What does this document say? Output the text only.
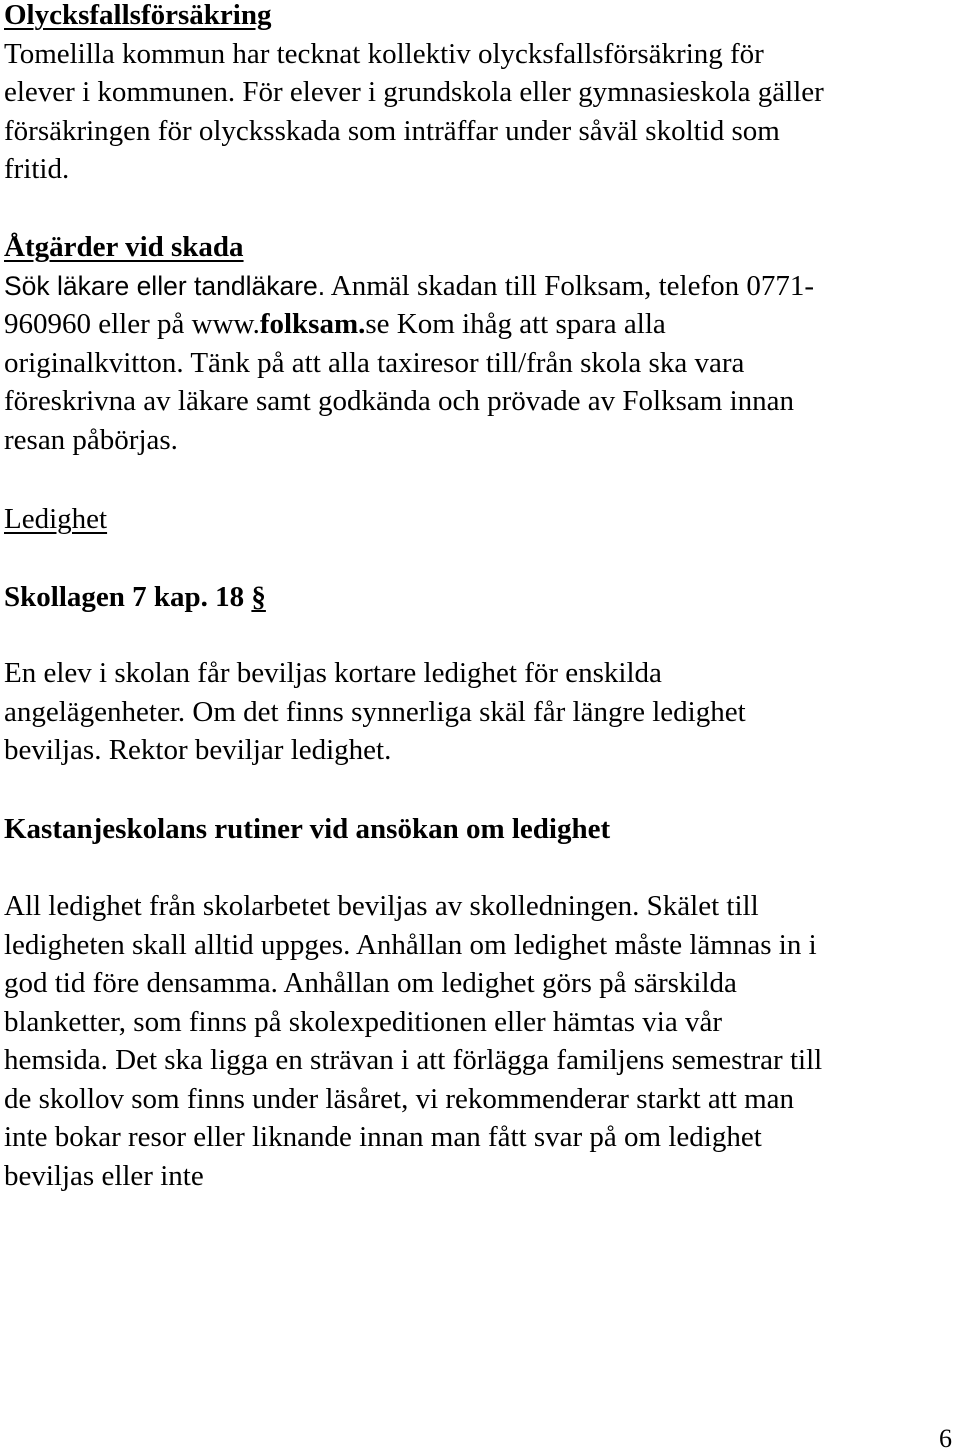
Olycksfallsförsäkring
Tomelilla kommun har tecknat kollektiv olycksfallsförsäkring för
elever i kommunen. För elever i grundskola eller gymnasieskola gäller
försäkringen för olycksskada som inträffar under såväl skoltid som
fritid.
Åtgärder vid skada
Sök läkare eller tandläkare. Anmäl skadan till Folksam, telefon 0771-
960960 eller på www.folksam.se Kom ihåg att spara alla
originalkvitton. Tänk på att alla taxiresor till/från skola ska vara
föreskrivna av läkare samt godkända och prövade av Folksam innan
resan påbörjas.
Ledighet
Skollagen 7 kap. 18 §
En elev i skolan får beviljas kortare ledighet för enskilda
angelägenheter. Om det finns synnerliga skäl får längre ledighet
beviljas. Rektor beviljar ledighet.
Kastanjeskolans rutiner vid ansökan om ledighet
All ledighet från skolarbetet beviljas av skolledningen. Skälet till
ledigheten skall alltid uppges. Anhållan om ledighet måste lämnas in i
god tid före densamma. Anhållan om ledighet görs på särskilda
blanketter, som finns på skolexpeditionen eller hämtas via vår
hemsida. Det ska ligga en strävan i att förlägga familjens semestrar till
de skollov som finns under läsåret, vi rekommenderar starkt att man
inte bokar resor eller liknande innan man fått svar på om ledighet
beviljas eller inte
6
